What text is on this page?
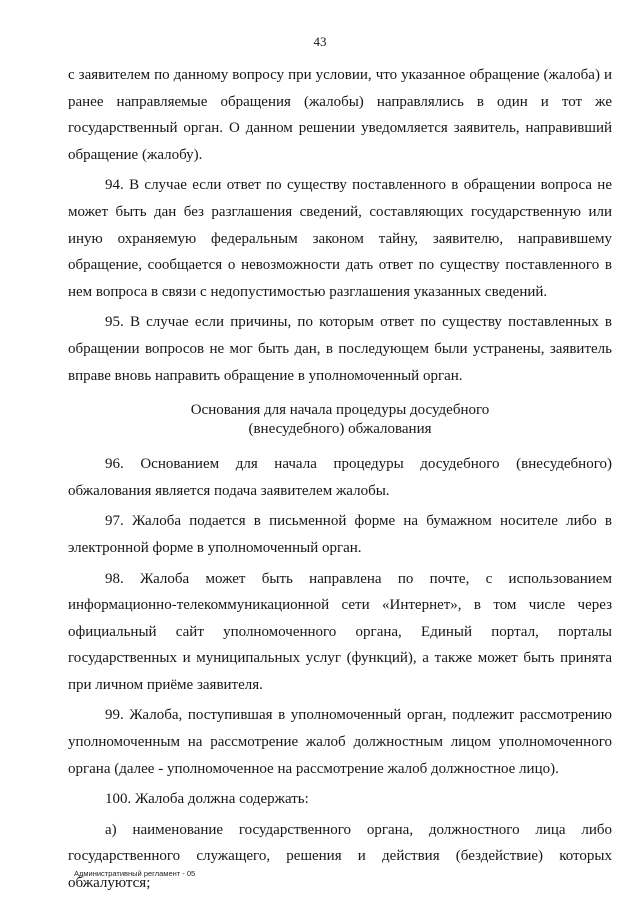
43

с заявителем по данному вопросу при условии, что указанное обращение (жалоба) и ранее направляемые обращения (жалобы) направлялись в один и тот же государственный орган. О данном решении уведомляется заявитель, направивший обращение (жалобу).

94. В случае если ответ по существу поставленного в обращении вопроса не может быть дан без разглашения сведений, составляющих государственную или иную охраняемую федеральным законом тайну, заявителю, направившему обращение, сообщается о невозможности дать ответ по существу поставленного в нем вопроса в связи с недопустимостью разглашения указанных сведений.

95. В случае если причины, по которым ответ по существу поставленных в обращении вопросов не мог быть дан, в последующем были устранены, заявитель вправе вновь направить обращение в уполномоченный орган.

Основания для начала процедуры досудебного
(внесудебного) обжалования

96. Основанием для начала процедуры досудебного (внесудебного) обжалования является подача заявителем жалобы.

97. Жалоба подается в письменной форме на бумажном носителе либо в электронной форме в уполномоченный орган.

98. Жалоба может быть направлена по почте, с использованием информационно-телекоммуникационной сети «Интернет», в том числе через официальный сайт уполномоченного органа, Единый портал, порталы государственных и муниципальных услуг (функций), а также может быть принята при личном приёме заявителя.

99. Жалоба, поступившая в уполномоченный орган, подлежит рассмотрению уполномоченным на рассмотрение жалоб должностным лицом уполномоченного органа (далее - уполномоченное на рассмотрение жалоб должностное лицо).

100. Жалоба должна содержать:

а) наименование государственного органа, должностного лица либо государственного служащего, решения и действия (бездействие) которых обжалуются;

Административный регламент - 05
